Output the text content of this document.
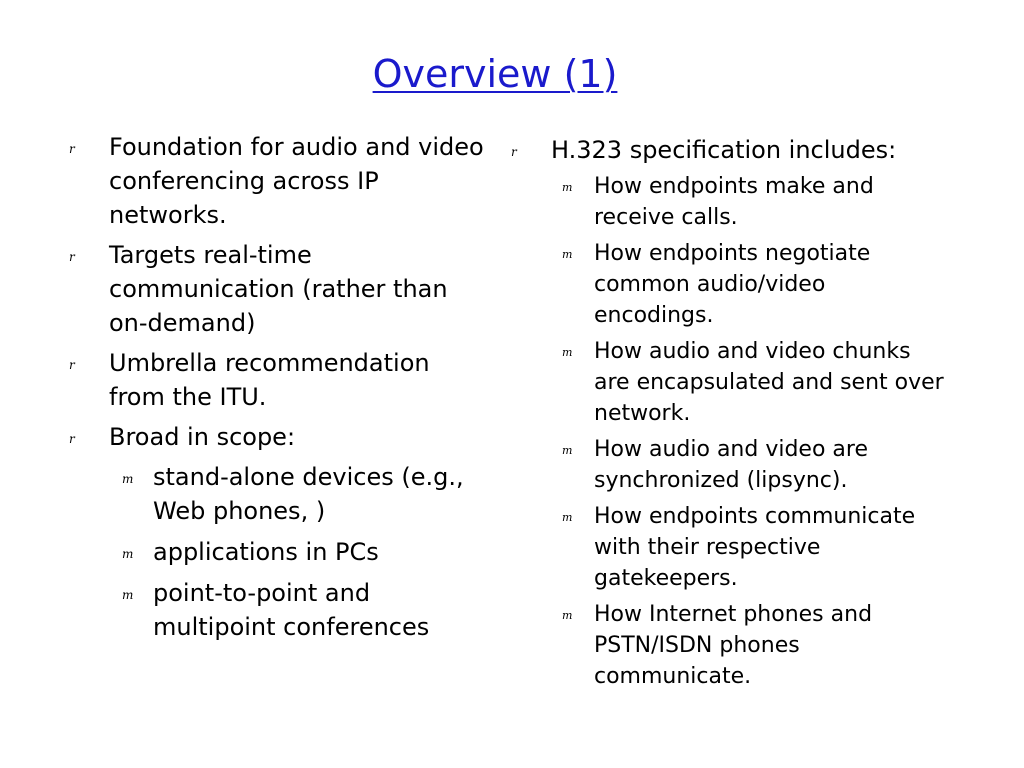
Overview (1)
r Foundation for audio and video conferencing across IP networks.
r Targets real-time communication (rather than on-demand)
r Umbrella recommendation from the ITU.
r Broad in scope:
m stand-alone devices (e.g., Web phones, )
m applications in PCs
m point-to-point and multipoint conferences
r H.323 specification includes:
m How endpoints make and receive calls.
m How endpoints negotiate common audio/video encodings.
m How audio and video chunks are encapsulated and sent over network.
m How audio and video are synchronized (lipsync).
m How endpoints communicate with their respective gatekeepers.
m How Internet phones and PSTN/ISDN phones communicate.
